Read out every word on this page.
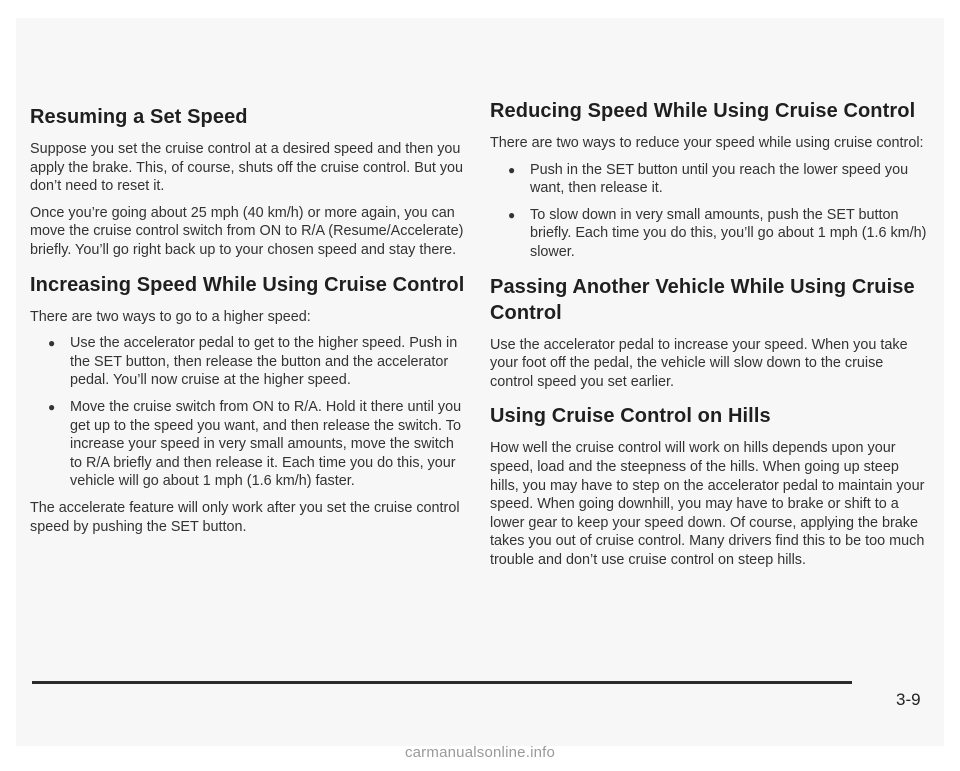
Resuming a Set Speed

Suppose you set the cruise control at a desired speed and then you apply the brake. This, of course, shuts off the cruise control. But you don’t need to reset it.

Once you’re going about 25 mph (40 km/h) or more again, you can move the cruise control switch from ON to R/A (Resume/Accelerate) briefly. You’ll go right back up to your chosen speed and stay there.

Increasing Speed While Using Cruise Control

There are two ways to go to a higher speed:

● Use the accelerator pedal to get to the higher speed. Push in the SET button, then release the button and the accelerator pedal. You’ll now cruise at the higher speed.
● Move the cruise switch from ON to R/A. Hold it there until you get up to the speed you want, and then release the switch. To increase your speed in very small amounts, move the switch to R/A briefly and then release it. Each time you do this, your vehicle will go about 1 mph (1.6 km/h) faster.

The accelerate feature will only work after you set the cruise control speed by pushing the SET button.

Reducing Speed While Using Cruise Control

There are two ways to reduce your speed while using cruise control:

● Push in the SET button until you reach the lower speed you want, then release it.
● To slow down in very small amounts, push the SET button briefly. Each time you do this, you’ll go about 1 mph (1.6 km/h) slower.
Passing Another Vehicle While Using Cruise Control

Use the accelerator pedal to increase your speed. When you take your foot off the pedal, the vehicle will slow down to the cruise control speed you set earlier.

Using Cruise Control on Hills

How well the cruise control will work on hills depends upon your speed, load and the steepness of the hills. When going up steep hills, you may have to step on the accelerator pedal to maintain your speed. When going downhill, you may have to brake or shift to a lower gear to keep your speed down. Of course, applying the brake takes you out of cruise control. Many drivers find this to be too much trouble and don’t use cruise control on steep hills.

3-9
carmanualsonline.info
